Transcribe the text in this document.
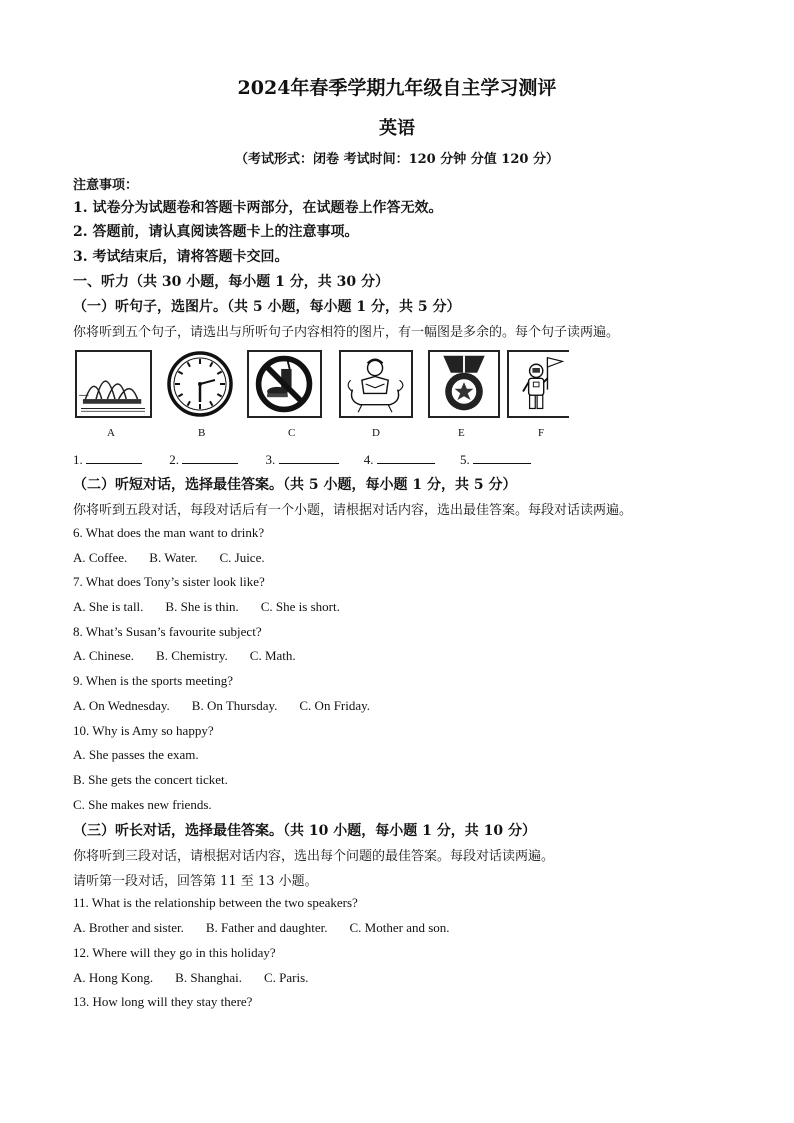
2024年春季学期九年级自主学习测评
英语
（考试形式：闭卷 考试时间：120 分钟 分值 120 分）
注意事项：
1. 试卷分为试题卷和答题卡两部分，在试题卷上作答无效。
2. 答题前，请认真阅读答题卡上的注意事项。
3. 考试结束后，请将答题卡交回。
一、听力（共 30 小题，每小题 1 分，共 30 分）
（一）听句子，选图片。（共 5 小题，每小题 1 分，共 5 分）
你将听到五个句子，请选出与所听句子内容相符的图片，有一幅图是多余的。每个句子读两遍。
A	B	C	D	E	F
1.	2.	3.	4.	5.
（二）听短对话，选择最佳答案。（共 5 小题，每小题 1 分，共 5 分）
你将听到五段对话，每段对话后有一个小题，请根据对话内容，选出最佳答案。每段对话读两遍。
6. What does the man want to drink?
A. Coffee. B. Water. C. Juice.
7. What does Tony’s sister look like?
A. She is tall. B. She is thin. C. She is short.
8. What’s Susan’s favourite subject?
A. Chinese. B. Chemistry. C. Math.
9. When is the sports meeting?
A. On Wednesday. B. On Thursday. C. On Friday.
10. Why is Amy so happy?
A. She passes the exam.
B. She gets the concert ticket.
C. She makes new friends.
（三）听长对话，选择最佳答案。（共 10 小题，每小题 1 分，共 10 分）
你将听到三段对话，请根据对话内容，选出每个问题的最佳答案。每段对话读两遍。
请听第一段对话，回答第 11 至 13 小题。
11. What is the relationship between the two speakers?
A. Brother and sister. B. Father and daughter. C. Mother and son.
12. Where will they go in this holiday?
A. Hong Kong. B. Shanghai. C. Paris.
13. How long will they stay there?
